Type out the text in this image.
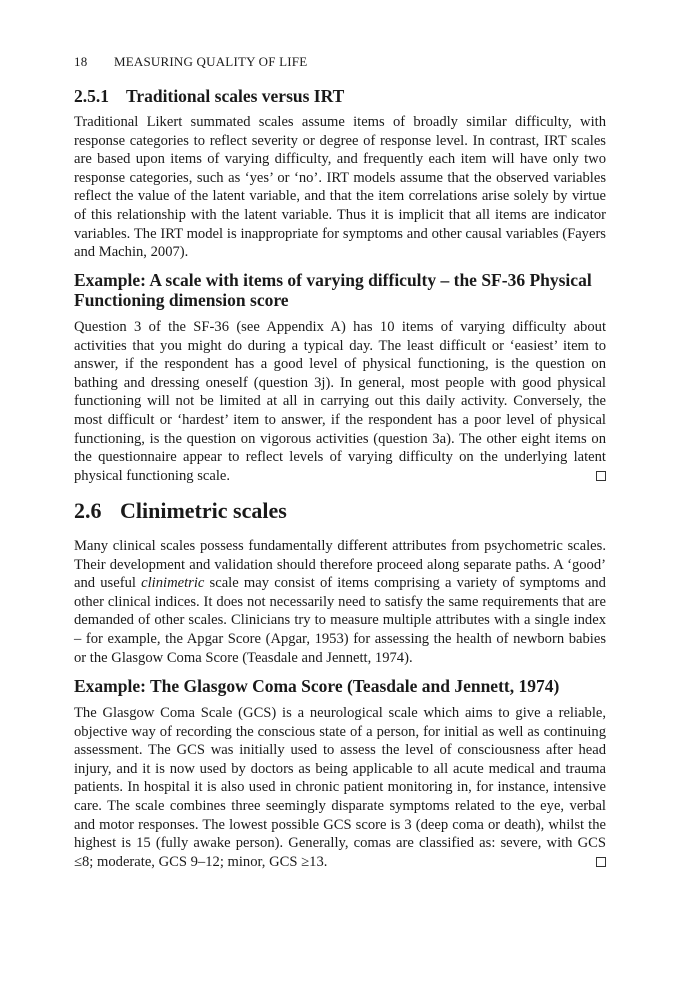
18 MEASURING QUALITY OF LIFE
2.5.1 Traditional scales versus IRT

Traditional Likert summated scales assume items of broadly similar difficulty, with response categories to reflect severity or degree of response level. In contrast, IRT scales are based upon items of varying difficulty, and frequently each item will have only two response categories, such as ‘yes’ or ‘no’. IRT models assume that the observed variables reflect the value of the latent variable, and that the item correlations arise solely by virtue of this relationship with the latent variable. Thus it is implicit that all items are indicator variables. The IRT model is inappropriate for symptoms and other causal variables (Fayers and Machin, 2007).

Example: A scale with items of varying difficulty – the SF-36 Physical Functioning dimension score

Question 3 of the SF-36 (see Appendix A) has 10 items of varying difficulty about activities that you might do during a typical day. The least difficult or ‘easiest’ item to answer, if the respondent has a good level of physical functioning, is the question on bathing and dressing oneself (question 3j). In general, most people with good physical functioning will not be limited at all in carrying out this daily activity. Conversely, the most difficult or ‘hardest’ item to answer, if the respondent has a poor level of physical functioning, is the question on vigorous activities (question 3a). The other eight items on the questionnaire appear to reflect levels of varying difficulty on the underlying latent physical functioning scale.

2.6 Clinimetric scales

Many clinical scales possess fundamentally different attributes from psychometric scales. Their development and validation should therefore proceed along separate paths. A ‘good’ and useful clinimetric scale may consist of items comprising a variety of symptoms and other clinical indices. It does not necessarily need to satisfy the same requirements that are demanded of other scales. Clinicians try to measure multiple attributes with a single index – for example, the Apgar Score (Apgar, 1953) for assessing the health of newborn babies or the Glasgow Coma Score (Teasdale and Jennett, 1974).

Example: The Glasgow Coma Score (Teasdale and Jennett, 1974)

The Glasgow Coma Scale (GCS) is a neurological scale which aims to give a reliable, objective way of recording the conscious state of a person, for initial as well as continuing assessment. The GCS was initially used to assess the level of consciousness after head injury, and it is now used by doctors as being applicable to all acute medical and trauma patients. In hospital it is also used in chronic patient monitoring in, for instance, intensive care. The scale combines three seemingly disparate symptoms related to the eye, verbal and motor responses. The lowest possible GCS score is 3 (deep coma or death), whilst the highest is 15 (fully awake person). Generally, comas are classified as: severe, with GCS ≤8; moderate, GCS 9–12; minor, GCS ≥13.
